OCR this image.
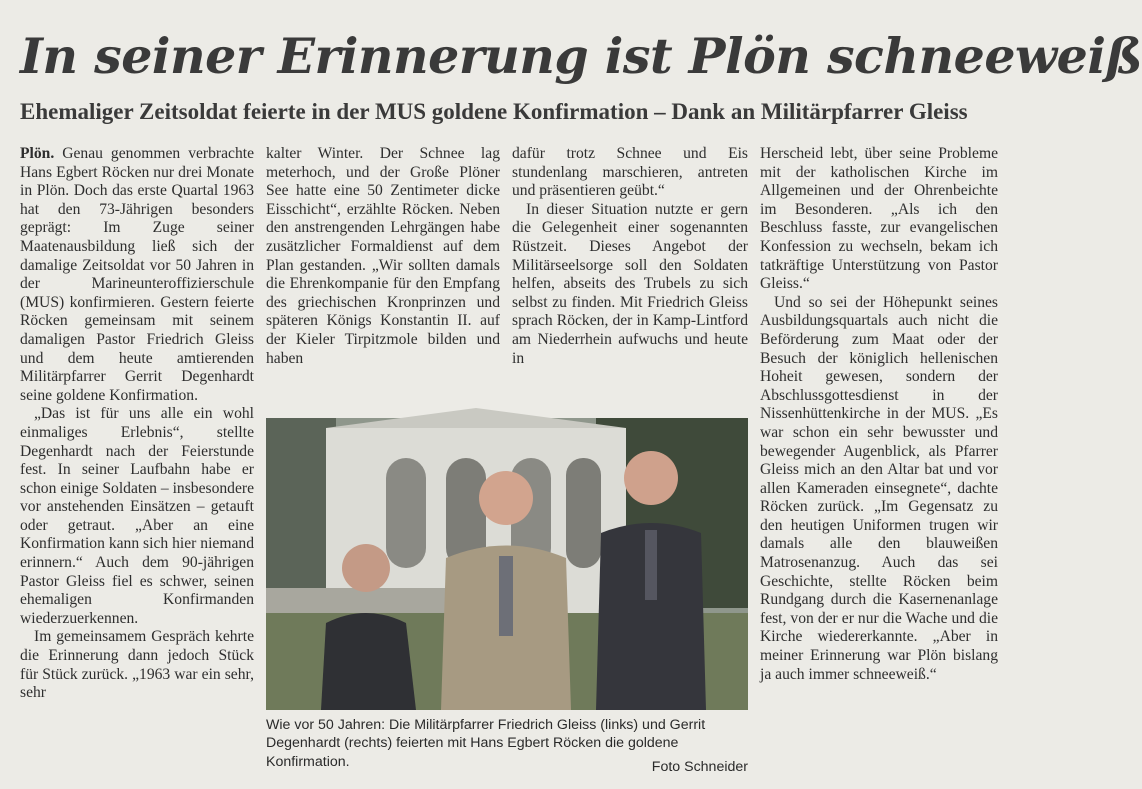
In seiner Erinnerung ist Plön schneeweiß
Ehemaliger Zeitsoldat feierte in der MUS goldene Konfirmation – Dank an Militärpfarrer Gleiss

Plön. Genau genommen verbrachte Hans Egbert Röcken nur drei Monate in Plön. Doch das erste Quartal 1963 hat den 73-Jährigen besonders geprägt: Im Zuge seiner Maatenausbildung ließ sich der damalige Zeitsoldat vor 50 Jahren in der Marineunteroffizierschule (MUS) konfirmieren. Gestern feierte Röcken gemeinsam mit seinem damaligen Pastor Friedrich Gleiss und dem heute amtierenden Militärpfarrer Gerrit Degenhardt seine goldene Konfirmation.

„Das ist für uns alle ein wohl einmaliges Erlebnis“, stellte Degenhardt nach der Feierstunde fest. In seiner Laufbahn habe er schon einige Soldaten – insbesondere vor anstehenden Einsätzen – getauft oder getraut. „Aber an eine Konfirmation kann sich hier niemand erinnern.“ Auch dem 90-jährigen Pastor Gleiss fiel es schwer, seinen ehemaligen Konfirmanden wiederzuerkennen.

Im gemeinsamem Gespräch kehrte die Erinnerung dann jedoch Stück für Stück zurück. „1963 war ein sehr, sehr

kalter Winter. Der Schnee lag meterhoch, und der Große Plöner See hatte eine 50 Zentimeter dicke Eisschicht“, erzählte Röcken. Neben den anstrengenden Lehrgängen habe zusätzlicher Formaldienst auf dem Plan gestanden. „Wir sollten damals die Ehrenkompanie für den Empfang des griechischen Kronprinzen und späteren Königs Konstantin II. auf der Kieler Tirpitzmole bilden und haben

dafür trotz Schnee und Eis stundenlang marschieren, antreten und präsentieren geübt.“

In dieser Situation nutzte er gern die Gelegenheit einer sogenannten Rüstzeit. Dieses Angebot der Militärseelsorge soll den Soldaten helfen, abseits des Trubels zu sich selbst zu finden. Mit Friedrich Gleiss sprach Röcken, der in Kamp-Lintford am Niederrhein aufwuchs und heute in

Herscheid lebt, über seine Probleme mit der katholischen Kirche im Allgemeinen und der Ohrenbeichte im Besonderen. „Als ich den Beschluss fasste, zur evangelischen Konfession zu wechseln, bekam ich tatkräftige Unterstützung von Pastor Gleiss.“

Und so sei der Höhepunkt seines Ausbildungsquartals auch nicht die Beförderung zum Maat oder der Besuch der königlich hellenischen Hoheit gewesen, sondern der Abschlussgottesdienst in der Nissenhüttenkirche in der MUS. „Es war schon ein sehr bewusster und bewegender Augenblick, als Pfarrer Gleiss mich an den Altar bat und vor allen Kameraden einsegnete“, dachte Röcken zurück. „Im Gegensatz zu den heutigen Uniformen trugen wir damals alle den blauweißen Matrosenanzug. Auch das sei Geschichte, stellte Röcken beim Rundgang durch die Kasernenanlage fest, von der er nur die Wache und die Kirche wiedererkannte. „Aber in meiner Erinnerung war Plön bislang ja auch immer schneeweiß.“

Wie vor 50 Jahren: Die Militärpfarrer Friedrich Gleiss (links) und Gerrit Degenhardt (rechts) feierten mit Hans Egbert Röcken die goldene Konfirmation.	Foto Schneider
